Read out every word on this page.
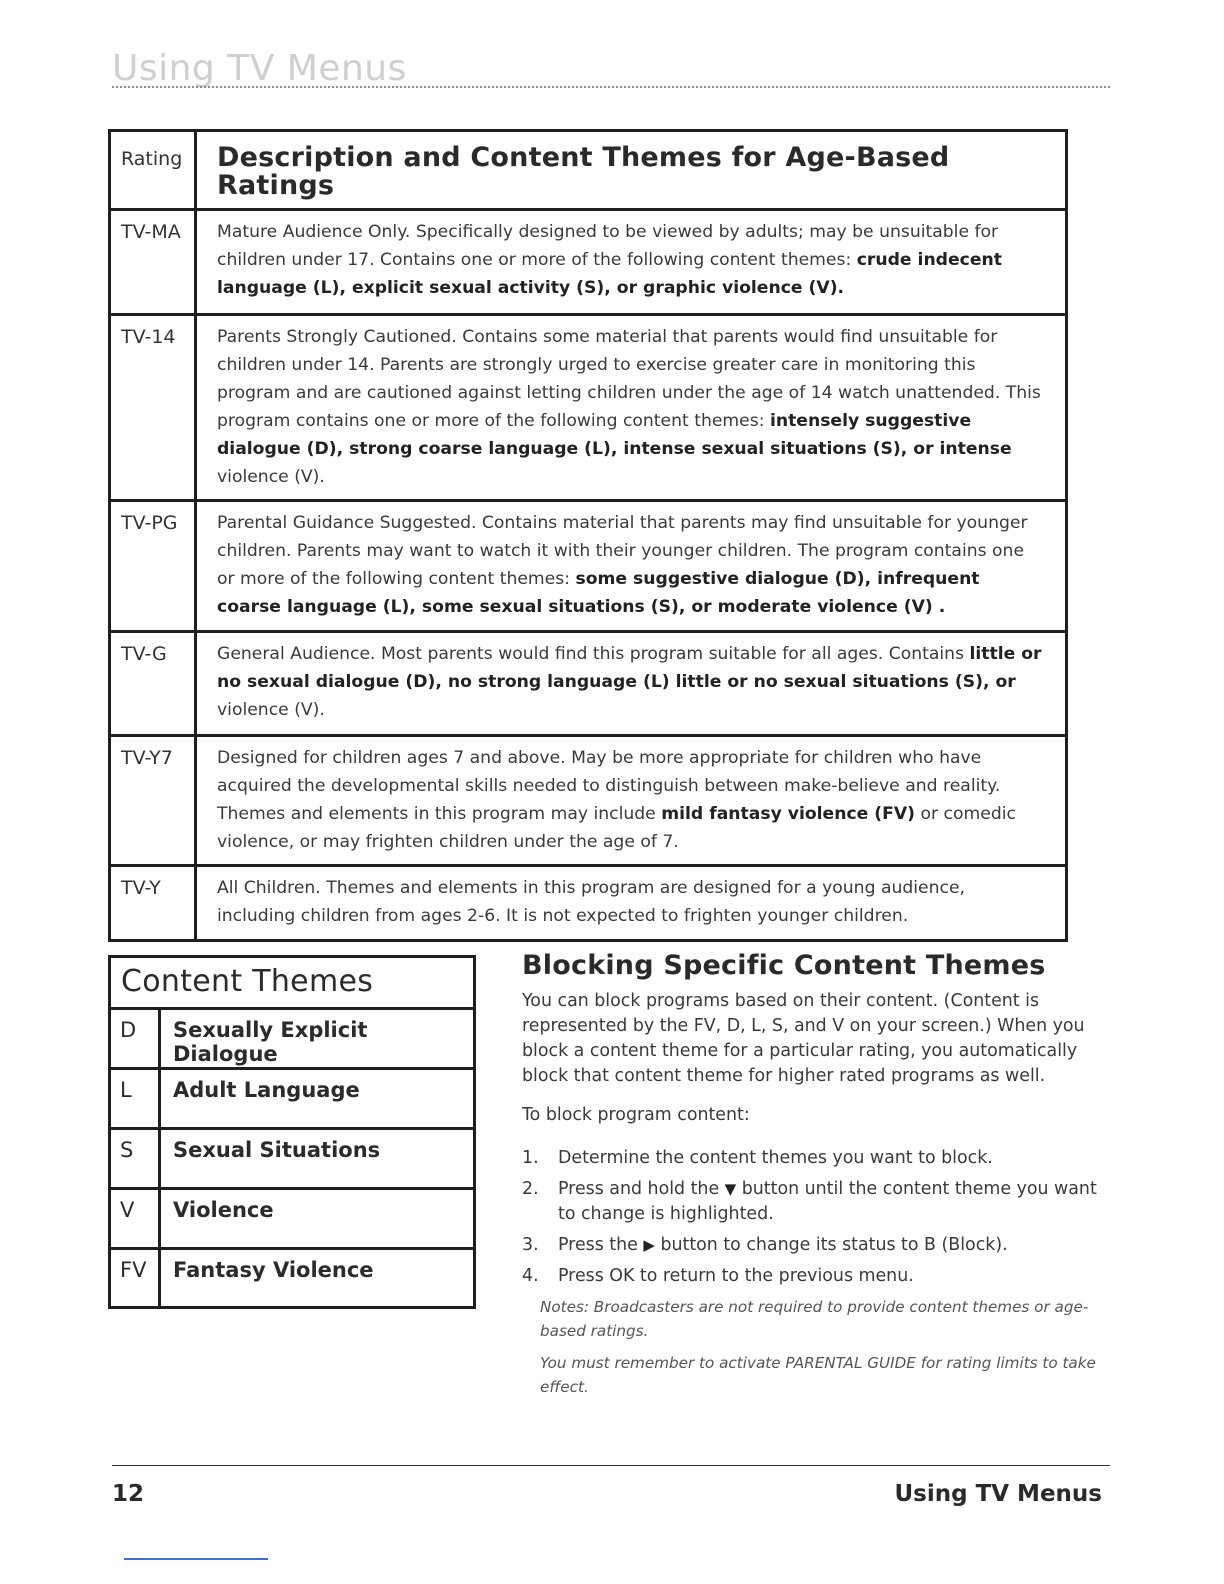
Using TV Menus
Rating	Description and Content Themes for Age-Based Ratings
TV-MA	Mature Audience Only. Specifically designed to be viewed by adults; may be unsuitable for children under 17. Contains one or more of the following content themes: crude indecent language (L), explicit sexual activity (S), or graphic violence (V).
TV-14	Parents Strongly Cautioned. Contains some material that parents would find unsuitable for children under 14. Parents are strongly urged to exercise greater care in monitoring this program and are cautioned against letting children under the age of 14 watch unattended. This program contains one or more of the following content themes: intensely suggestive dialogue (D), strong coarse language (L), intense sexual situations (S), or intense violence (V).
TV-PG	Parental Guidance Suggested. Contains material that parents may find unsuitable for younger children. Parents may want to watch it with their younger children. The program contains one or more of the following content themes: some suggestive dialogue (D), infrequent coarse language (L), some sexual situations (S), or moderate violence (V) .
TV-G	General Audience. Most parents would find this program suitable for all ages. Contains little or no sexual dialogue (D), no strong language (L) little or no sexual situations (S), or violence (V).
TV-Y7	Designed for children ages 7 and above. May be more appropriate for children who have acquired the developmental skills needed to distinguish between make-believe and reality. Themes and elements in this program may include mild fantasy violence (FV) or comedic violence, or may frighten children under the age of 7.
TV-Y	All Children. Themes and elements in this program are designed for a young audience, including children from ages 2-6. It is not expected to frighten younger children.
Content Themes
D	Sexually Explicit Dialogue
L	Adult Language
S	Sexual Situations
V	Violence
FV	Fantasy Violence
Blocking Specific Content Themes

You can block programs based on their content. (Content is represented by the FV, D, L, S, and V on your screen.) When you block a content theme for a particular rating, you automatically block that content theme for higher rated programs as well.

To block program content:

1.	Determine the content themes you want to block.
2.	Press and hold the ▼ button until the content theme you want to change is highlighted.
3.	Press the ▶ button to change its status to B (Block).
4.	Press OK to return to the previous menu.

Notes: Broadcasters are not required to provide content themes or age-based ratings.

You must remember to activate PARENTAL GUIDE for rating limits to take effect.

12	Using TV Menus
